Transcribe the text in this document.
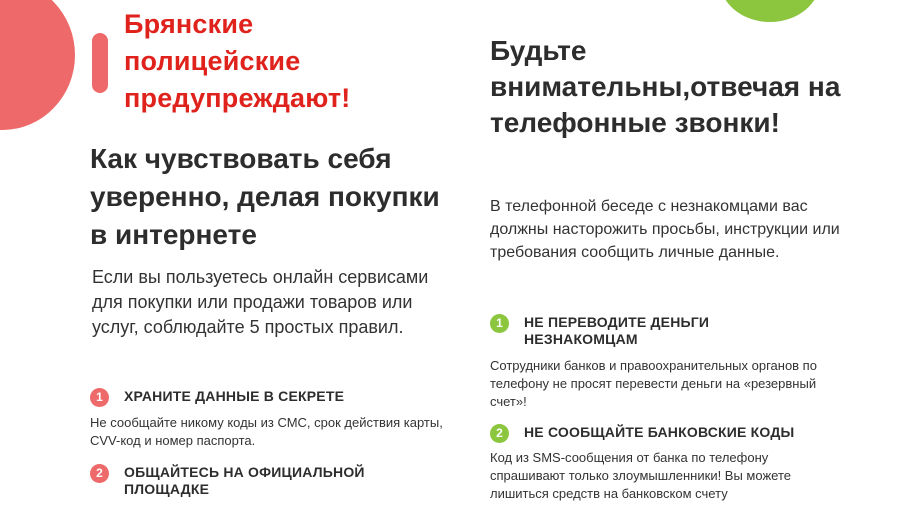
Брянские полицейские предупреждают!
Как чувствовать себя уверенно, делая покупки в интернете

Если вы пользуетесь онлайн сервисами для покупки или продажи товаров или услуг, соблюдайте 5 простых правил.

1	ХРАНИТЕ ДАННЫЕ В СЕКРЕТЕ

Не сообщайте никому коды из СМС, срок действия карты, CVV-код и номер паспорта.

2	ОБЩАЙТЕСЬ НА ОФИЦИАЛЬНОЙ ПЛОЩАДКЕ
Будьте внимательны,отвечая на телефонные звонки!

В телефонной беседе с незнакомцами вас должны насторожить просьбы, инструкции или требования сообщить личные данные.

1	НЕ ПЕРЕВОДИТЕ ДЕНЬГИ НЕЗНАКОМЦАМ

Сотрудники банков и правоохранительных органов по телефону не просят перевести деньги на «резервный счет»!

2	НЕ СООБЩАЙТЕ БАНКОВСКИЕ КОДЫ

Код из SMS-сообщения от банка по телефону спрашивают только злоумышленники! Вы можете лишиться средств на банковском счету
